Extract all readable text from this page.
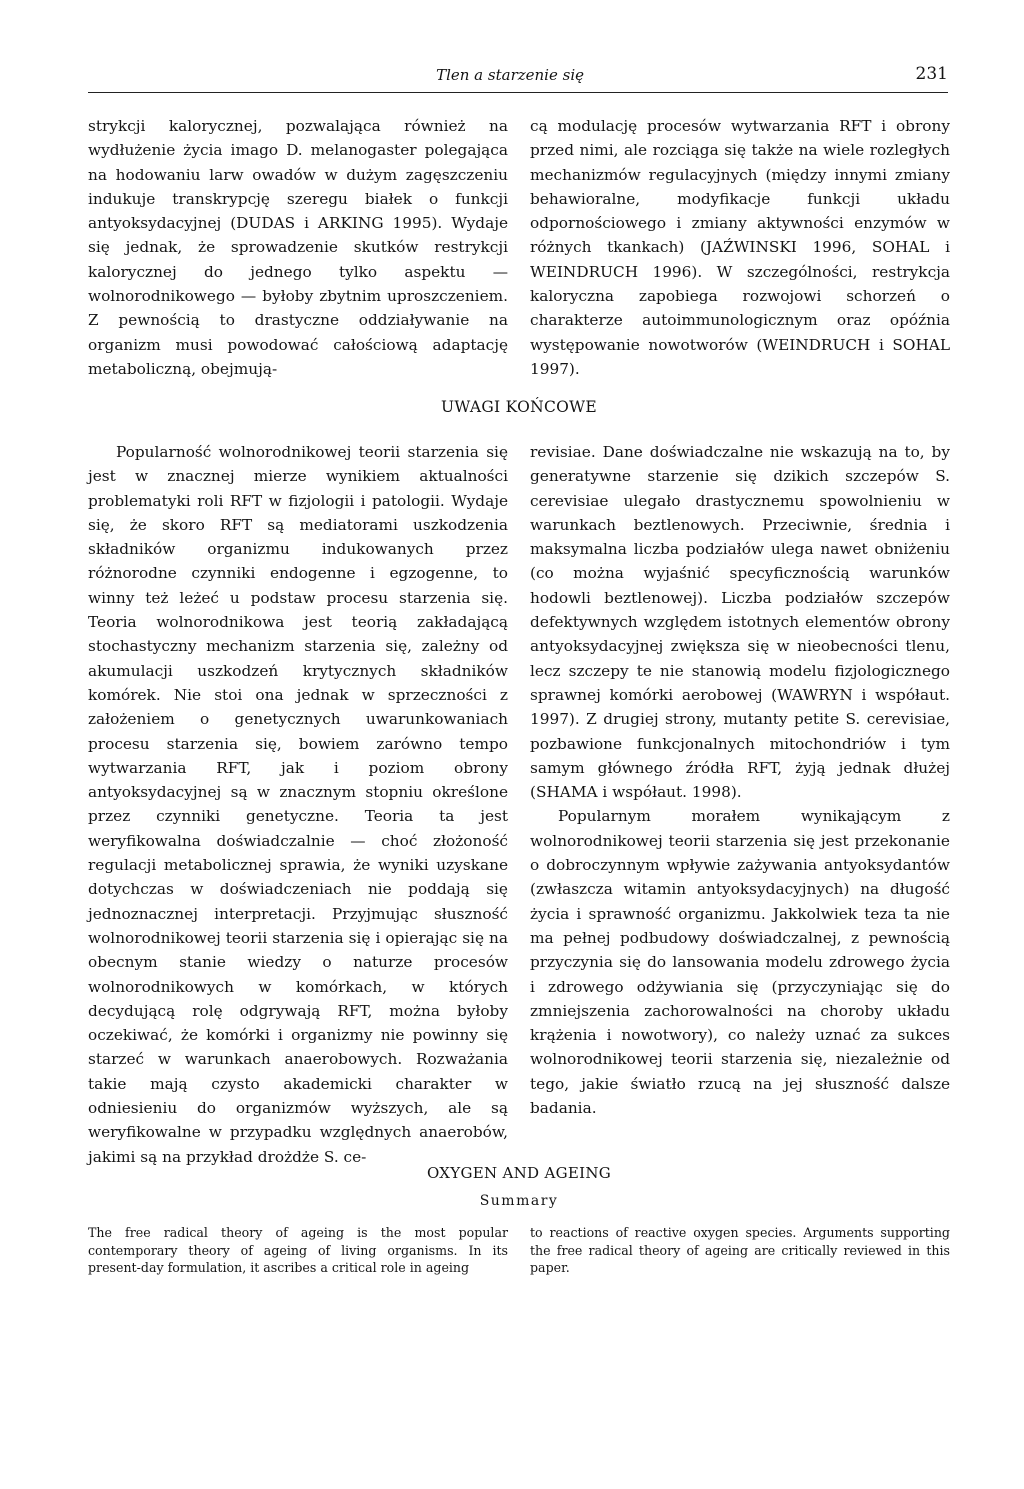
Tlen a starzenie się	231

strykcji kalorycznej, pozwalająca również na wydłużenie życia imago D. melanogaster polegająca na hodowaniu larw owadów w dużym zagęszczeniu indukuje transkrypcję szeregu białek o funkcji antyoksydacyjnej (DUDAS i ARKING 1995). Wydaje się jednak, że sprowadzenie skutków restrykcji kalorycznej do jednego tylko aspektu — wolnorodnikowego — byłoby zbytnim uproszczeniem. Z pewnością to drastyczne oddziaływanie na organizm musi powodować całościową adaptację metaboliczną, obejmują-

cą modulację procesów wytwarzania RFT i obrony przed nimi, ale rozciąga się także na wiele rozległych mechanizmów regulacyjnych (między innymi zmiany behawioralne, modyfikacje funkcji układu odpornościowego i zmiany aktywności enzymów w różnych tkankach) (JAŹWINSKI 1996, SOHAL i WEINDRUCH 1996). W szczególności, restrykcja kaloryczna zapobiega rozwojowi schorzeń o charakterze autoimmunologicznym oraz opóźnia występowanie nowotworów (WEINDRUCH i SOHAL 1997).

UWAGI KOŃCOWE

Popularność wolnorodnikowej teorii starzenia się jest w znacznej mierze wynikiem aktualności problematyki roli RFT w fizjologii i patologii. Wydaje się, że skoro RFT są mediatorami uszkodzenia składników organizmu indukowanych przez różnorodne czynniki endogenne i egzogenne, to winny też leżeć u podstaw procesu starzenia się. Teoria wolnorodnikowa jest teorią zakładającą stochastyczny mechanizm starzenia się, zależny od akumulacji uszkodzeń krytycznych składników komórek. Nie stoi ona jednak w sprzeczności z założeniem o genetycznych uwarunkowaniach procesu starzenia się, bowiem zarówno tempo wytwarzania RFT, jak i poziom obrony antyoksydacyjnej są w znacznym stopniu określone przez czynniki genetyczne. Teoria ta jest weryfikowalna doświadczalnie — choć złożoność regulacji metabolicznej sprawia, że wyniki uzyskane dotychczas w doświadczeniach nie poddają się jednoznacznej interpretacji. Przyjmując słuszność wolnorodnikowej teorii starzenia się i opierając się na obecnym stanie wiedzy o naturze procesów wolnorodnikowych w komórkach, w których decydującą rolę odgrywają RFT, można byłoby oczekiwać, że komórki i organizmy nie powinny się starzeć w warunkach anaerobowych. Rozważania takie mają czysto akademicki charakter w odniesieniu do organizmów wyższych, ale są weryfikowalne w przypadku względnych anaerobów, jakimi są na przykład drożdże S. ce-

revisiae. Dane doświadczalne nie wskazują na to, by generatywne starzenie się dzikich szczepów S. cerevisiae ulegało drastycznemu spowolnieniu w warunkach beztlenowych. Przeciwnie, średnia i maksymalna liczba podziałów ulega nawet obniżeniu (co można wyjaśnić specyficznością warunków hodowli beztlenowej). Liczba podziałów szczepów defektywnych względem istotnych elementów obrony antyoksydacyjnej zwiększa się w nieobecności tlenu, lecz szczepy te nie stanowią modelu fizjologicznego sprawnej komórki aerobowej (WAWRYN i współaut. 1997). Z drugiej strony, mutanty petite S. cerevisiae, pozbawione funkcjonalnych mitochondriów i tym samym głównego źródła RFT, żyją jednak dłużej (SHAMA i współaut. 1998).

Popularnym morałem wynikającym z wolnorodnikowej teorii starzenia się jest przekonanie o dobroczynnym wpływie zażywania antyoksydantów (zwłaszcza witamin antyoksydacyjnych) na długość życia i sprawność organizmu. Jakkolwiek teza ta nie ma pełnej podbudowy doświadczalnej, z pewnością przyczynia się do lansowania modelu zdrowego życia i zdrowego odżywiania się (przyczyniając się do zmniejszenia zachorowalności na choroby układu krążenia i nowotwory), co należy uznać za sukces wolnorodnikowej teorii starzenia się, niezależnie od tego, jakie światło rzucą na jej słuszność dalsze badania.

OXYGEN AND AGEING
Summary

The free radical theory of ageing is the most popular contemporary theory of ageing of living organisms. In its present-day formulation, it ascribes a critical role in ageing

to reactions of reactive oxygen species. Arguments supporting the free radical theory of ageing are critically reviewed in this paper.
